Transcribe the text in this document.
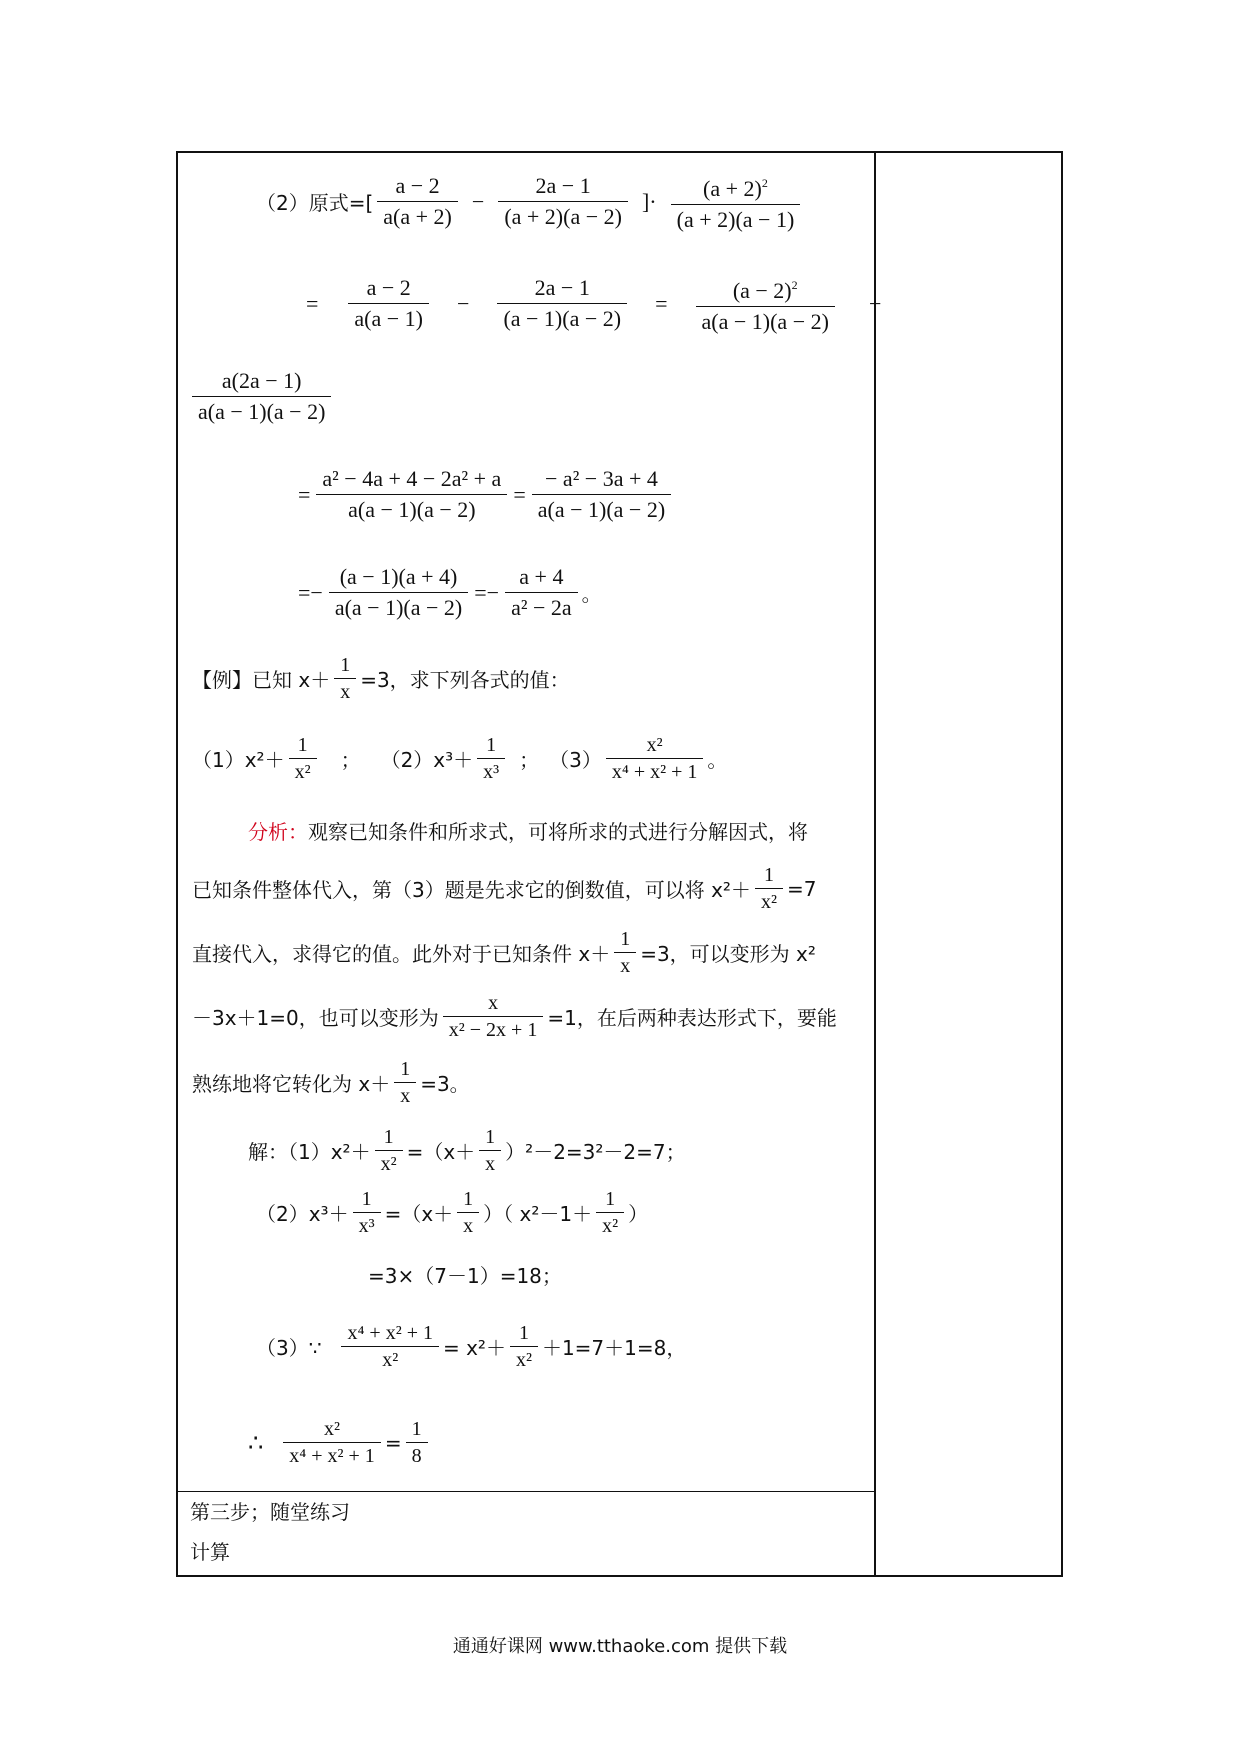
（2）原式=[ $\frac{a - 2}{a(a + 2)} - \frac{2a - 1}{(a + 2)(a - 2)}$ ]· $\frac{(a + 2)^2}{(a + 2)(a - 1)}$
= $\frac{a - 2}{a(a - 1)} - \frac{2a - 1}{(a - 1)(a - 2)} = \frac{(a - 2)^2}{a(a - 1)(a - 2)}$ −
$\frac{a(2a - 1)}{a(a - 1)(a - 2)}$
= $\frac{\text{a² − 4a + 4 − 2a² + a}}{a(a - 1)(a - 2)} = \frac{\text{− a² − 3a + 4}}{a(a - 1)(a - 2)}$
=− $\frac{(a - 1)(a + 4)}{a(a - 1)(a - 2)} =- \frac{a + 4}{\text{a² − 2a}}$ 。
【例】已知 $x+ \frac{1}{x} =3$，求下列各式的值：
$(1)x^2+ \frac{1}{\text{x²}}$ ； $(2)x^3+ \frac{1}{\text{x³}}$ ； $(3) \frac{\text{x²}}{\text{x⁴ + x² + 1}}$ 。
分析： 观察已知条件和所求式，可将所求的式进行分解因式，将
已知条件整体代入，第（3）题是先求它的倒数值，可以将 $x^2+ \frac{1}{\text{x²}} =7$
直接代入，求得它的值。此外对于已知条件 $x+ \frac{1}{x} =3$，可以变形为 x²
－3x＋1=0，也可以变形为 $\frac{x}{\text{x² − 2x + 1}} =1$，在后两种表达形式下，要能
熟练地将它转化为 $x+ \frac{1}{x} =3$。
解：$(1)x^2+ \frac{1}{\text{x²}} =(x+ \frac{1}{x} )^2-2=3^2-2=7$；
$(2)x^3+ \frac{1}{\text{x³}} =(x+ \frac{1}{x}$ ）（ $x^2-1+ \frac{1}{\text{x²}}$ ）
=3×（7－1）=18；
（3）∵ $\frac{\text{x⁴ + x² + 1}}{\text{x²}} = x^2+ \frac{1}{\text{x²}} +1=7+1=8$，
∴ $\frac{\text{x²}}{\text{x⁴ + x² + 1}} = \frac{1}{8}$
第三步；随堂练习
计算
通通好课网 www.tthaoke.com 提供下载
